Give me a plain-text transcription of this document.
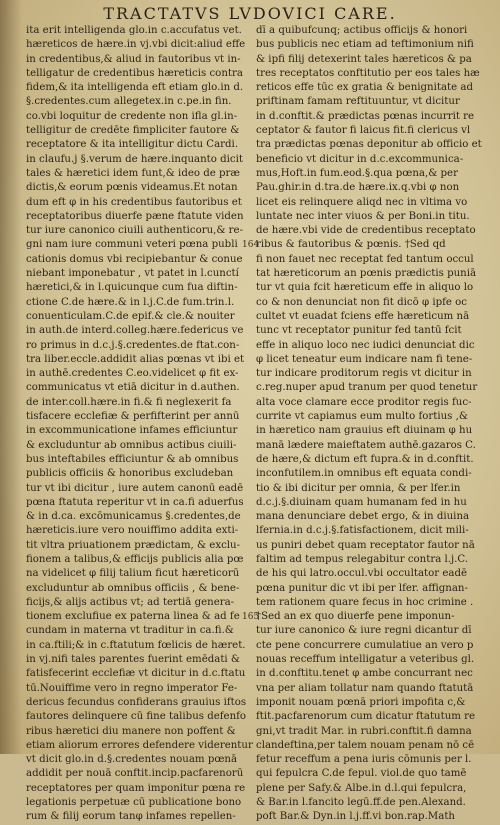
TRACTATVS LVDOVICI CARE.
ita erit intelligenda glo.in c.accufatus vet.
hæreticos de hære.in vj.vbi dicit:aliud effe
in credentibus,& aliud in fautoribus vt in-
telligatur de credentibus hæreticis contra
fidem,& ita intelligenda eft etiam glo.in d.
§.credentes.cum allegetex.in c.pe.in fin.
co.vbi loquitur de credente non ifla gl.in-
telligitur de credēte fimpliciter fautore &
receptatore & ita intelligitur dictu Cardi.
in claufu.j §.verum de hære.inquanto dicit
tales & hæretici idem funt,& ideo de præ
dictis,& eorum pœnis videamus.Et notan
dum eft φ in his credentibus fautoribus et
receptatoribus diuerfe pæne ftatute viden
tur iure canonico ciuili authenticoru,& re-
gni nam iure communi veteri pœna publi
cationis domus vbi recipiebantur & conue
niebant imponebatur , vt patet in l.cunctí
hæretici,& in l.quicunque cum fua diftin-
ctione C.de hære.& in l.j.C.de fum.trin.l.
conuenticulam.C.de epif.& cle.& nouiter
in auth.de interd.colleg.hære.federicus ve
ro primus in d.c.j.§.credentes.de ftat.con-
tra liber.eccle.addidit alias pœnas vt ibi et
in authē.credentes C.eo.videlicet φ fit ex-
communicatus vt etiā dicitur in d.authen.
de inter.coll.hære.in fi.& fi neglexerit fa
tisfacere ecclefiæ & perfifterint per annū
in excommunicatione infames efficiuntur
& excluduntur ab omnibus actibus ciuili-
bus inteftabiles efficiuntur & ab omnibus
publicis officiis & honoribus excludeban
tur vt ibi dicitur , iure autem canonū eadē
pœna ftatuta reperitur vt in ca.fi aduerfus
& in d.ca. excōmunicamus §.credentes,de
hæreticis.iure vero nouiffimo addita exti-
tit vltra priuationem prædictam, & exclu-
fionem a talibus,& efficijs publicis alia pœ
na videlicet φ filij talium ficut hæreticorū
excluduntur ab omnibus officiis , & bene-
ficijs,& alijs actibus vt; ad tertiā genera-
tionem exclufiue ex paterna linea & ad fe
cundam in materna vt traditur in ca.fi.&
in ca.ftili;& in c.ftatutum fœlicis de hæret.
in vj.nifi tales parentes fuerint emēdati &
fatisfecerint ecclefiæ vt dicitur in d.c.ftatu
tū.Nouiffime vero in regno imperator Fe-
dericus fecundus confiderans grauius iftos
fautores delinquere cū fine talibus defenfo
ribus hæretici diu manere non poffent &
etiam aliorum errores defendere viderentur
vt dicit glo.in d.§.credentes nouam pœnā
addidit per nouā conftit.incip.pacfarenorū
receptatores per quam imponitur pœna re
legationis perpetuæ cū publicatione bono
rum & filij eorum tanφ infames repellen-
164
165
dī a quibufcunq; actibus officijs & honori
bus publicis nec etiam ad teftimonium nifi
& ipfi filij detexerint tales hæreticos & pa
tres receptatos conftitutio per eos tales hæ
reticos effe tūc ex gratia & benignitate ad
priftinam famam reftituuntur, vt dicitur
in d.conftit.& prædictas pœnas incurrit re
ceptator & fautor fi laicus fit.fi clericus vl
tra prædictas pœnas deponitur ab officio et
beneficio vt dicitur in d.c.excommunica-
mus,Hoft.in fum.eod.§.qua pœna,& per
Pau.ghir.in d.tra.de hære.ix.q.vbi φ non
licet eis relinquere aliqd nec in vltima vo
luntate nec inter viuos & per Boni.in titu.
de hære.vbi vide de credentibus receptato
ribus & fautoribus & pœnis. †Sed qd
fi non fauet nec receptat fed tantum occul
tat hæreticorum an pœnis prædictis puniā
tur vt quia fcit hæreticum effe in aliquo lo
co & non denunciat non fit dicō φ ipfe oc
cultet vt euadat fciens effe hæreticum nā
tunc vt receptator punitur fed tantū fcit
effe in aliquo loco nec iudici denunciat dic
φ licet teneatur eum indicare nam fi tene-
tur indicare proditorum regis vt dicitur in
c.reg.nuper apud tranum per quod tenetur
alta voce clamare ecce proditor regis fuc-
currite vt capiamus eum multo fortius ,&
in hæretico nam grauius eft diuinam φ hu
manā lædere maieftatem authē.gazaros C.
de hære,& dictum eft fupra.& in d.conftit.
inconfutilem.in omnibus eft equata condi-
tio & ibi dicitur per omnia, & per lfer.in
d.c.j.§.diuinam quam humanam fed in hu
mana denunciare debet ergo, & in diuina
lfernia.in d.c.j.§.fatisfactionem, dicit mili-
us puniri debet quam receptator fautor nā
faltim ad tempus relegabitur contra l.j.C.
de his qui latro.occul.vbi occultator eadē
pœna punitur dic vt ibi per lfer. affignan-
tem rationem quare fecus in hoc crimine .
†Sed an ex quo diuerfe pene imponun-
tur iure canonico & iure regni dicantur dī
cte pene concurrere cumulatiue an vero p
nouas receffum intelligatur a veteribus gl.
in d.conftitu.tenet φ ambe concurrant nec
vna per aliam tollatur nam quando ftatutā
imponit nouam pœnā priori impofita c,&
ftit.pacfarenorum cum dicatur ftatutum re
gni,vt tradit Mar. in rubri.conftit.fi damna
clandeftina,per talem nouam penam nō cē
fetur receffum a pena iuris cōmunis per l.
qui fepulcra C.de fepul. viol.de quo tamē
plene per Safy.& Albe.in d.l.qui fepulcra,
& Bar.in l.fancito legū.ff.de pen.Alexand.
poft Bar.& Dyn.in l.j.ff.vi bon.rap.Math
